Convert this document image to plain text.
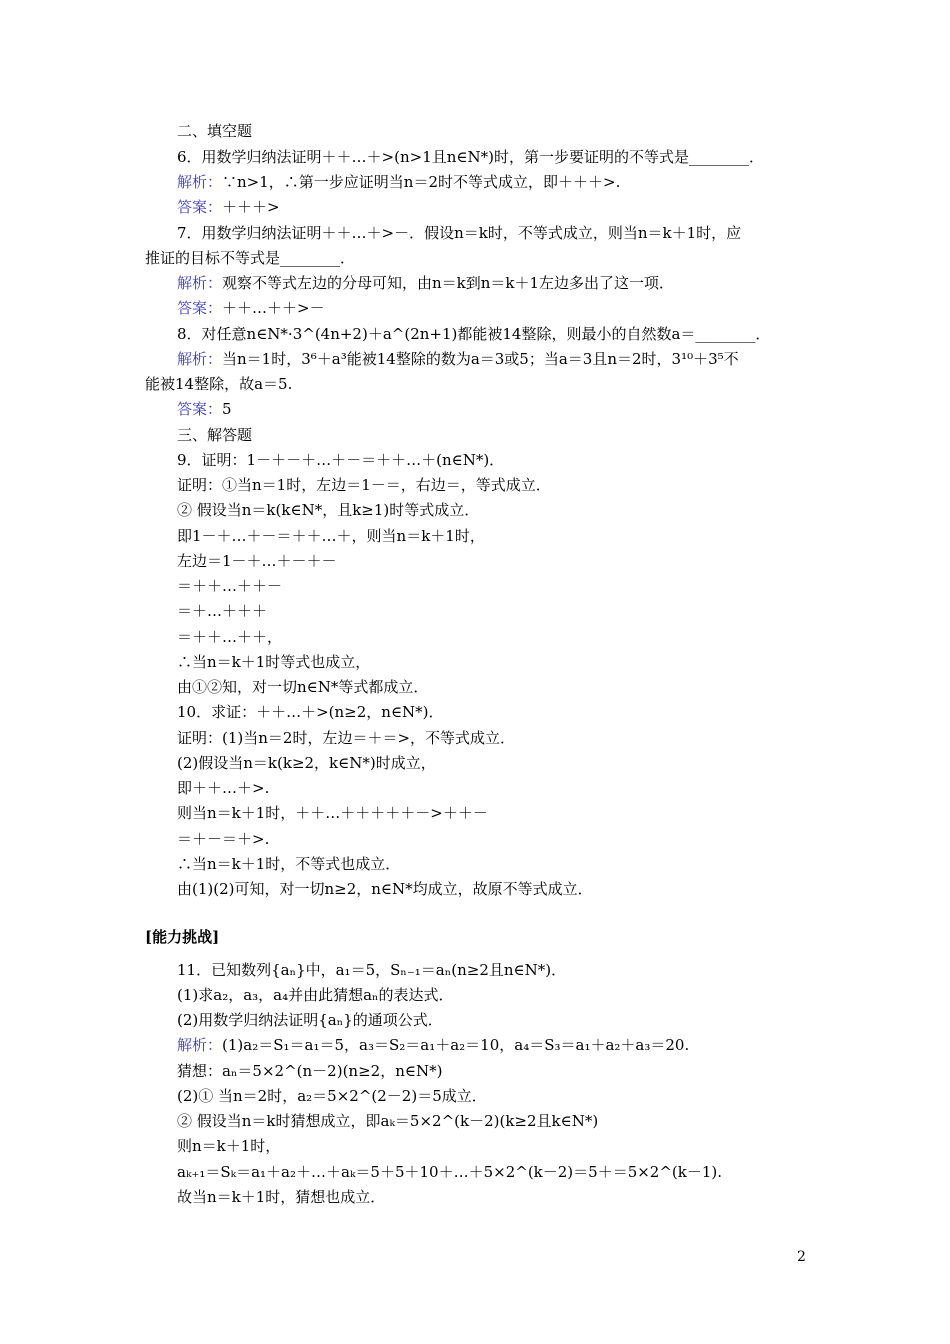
二、填空题
6．用数学归纳法证明＋＋…＋>(n>1且n∈N*)时，第一步要证明的不等式是________．
解析：∵n>1，∴第一步应证明当n＝2时不等式成立，即＋＋＋>.
答案：＋＋＋>
7．用数学归纳法证明＋＋…＋>－．假设n＝k时，不等式成立，则当n＝k＋1时，应
推证的目标不等式是________．
解析：观察不等式左边的分母可知，由n＝k到n＝k＋1左边多出了这一项．
答案：＋＋…＋＋>－
8．对任意n∈N*·3^(4n+2)＋a^(2n+1)都能被14整除，则最小的自然数a＝________．
解析：当n＝1时，3⁶＋a³能被14整除的数为a＝3或5；当a＝3且n＝2时，3¹⁰＋3⁵不
能被14整除，故a＝5.
答案：5
三、解答题
9．证明：1－＋－＋…＋－＝＋＋…＋(n∈N*)．
证明：①当n＝1时，左边＝1－＝，右边＝，等式成立．
② 假设当n＝k(k∈N*，且k≥1)时等式成立．
即1－＋…＋－＝＋＋…＋，则当n＝k＋1时，
左边＝1－＋…＋－＋－
＝＋＋…＋＋－
＝＋…＋＋＋
＝＋＋…＋＋，
∴当n＝k＋1时等式也成立，
由①②知，对一切n∈N*等式都成立．
10．求证：＋＋…＋>(n≥2，n∈N*)．
证明：(1)当n＝2时，左边＝＋＝>，不等式成立．
(2)假设当n＝k(k≥2，k∈N*)时成立，
即＋＋…＋>.
则当n＝k＋1时，＋＋…＋＋＋＋＋－>＋＋－
＝＋－＝＋>.
∴当n＝k＋1时，不等式也成立．
由(1)(2)可知，对一切n≥2，n∈N*均成立，故原不等式成立．
[能力挑战]
11．已知数列{aₙ}中，a₁＝5，Sₙ₋₁＝aₙ(n≥2且n∈N*)．
(1)求a₂，a₃，a₄并由此猜想aₙ的表达式．
(2)用数学归纳法证明{aₙ}的通项公式．
解析：(1)a₂＝S₁＝a₁＝5，a₃＝S₂＝a₁＋a₂＝10，a₄＝S₃＝a₁＋a₂＋a₃＝20.
猜想：aₙ＝5×2^(n－2)(n≥2，n∈N*)
(2)① 当n＝2时，a₂＝5×2^(2－2)＝5成立．
② 假设当n＝k时猜想成立，即aₖ＝5×2^(k－2)(k≥2且k∈N*)
则n＝k＋1时，
aₖ₊₁＝Sₖ＝a₁＋a₂＋…＋aₖ＝5＋5＋10＋…＋5×2^(k－2)＝5＋＝5×2^(k－1).
故当n＝k＋1时，猜想也成立．
2
